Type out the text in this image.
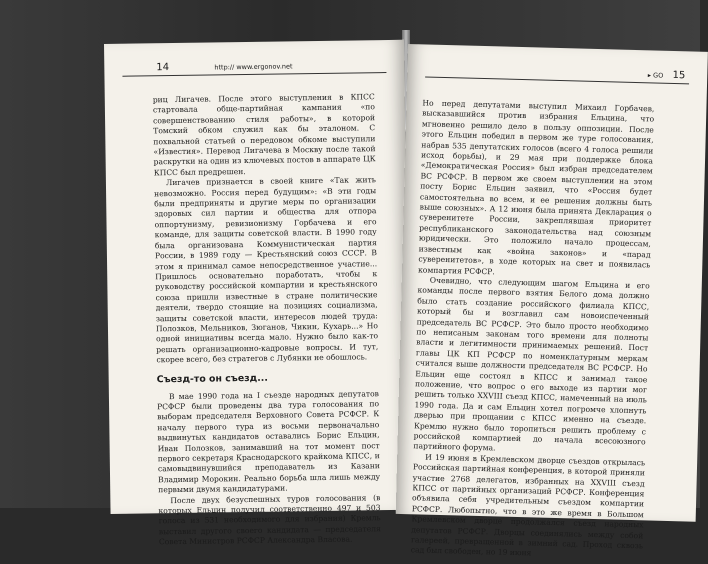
14	http:// www.ergonov.net

риц Лигачев. После этого выступления в КПСС стартовала обще-партийная кампания «по совершенствованию стиля работы», в которой Томский обком служил как бы эталоном. С похвальной статьей о передовом обкоме выступили «Известия». Перевод Лигачева в Москву после такой раскрутки на один из ключевых постов в аппарате ЦК КПСС был предрешен.

Лигачев признается в своей книге «Так жить невозможно. Россия перед будущим»: «В эти годы были предприняты и другие меры по организации здоровых сил партии и общества для отпора оппортунизму, ревизионизму Горбачева и его команде, для защиты советской власти. В 1990 году была организована Коммунистическая партия России, в 1989 году — Крестьянский союз СССР. В этом я принимал самое непосредственное участие... Пришлось основательно поработать, чтобы к руководству российской компартии и крестьянского союза пришли известные в стране политические деятели, твердо стоящие на позициях социализма, защиты советской власти, интересов людей труда: Полозков, Мельников, Зюганов, Чикин, Кухарь...» Но одной инициативы всегда мало. Нужно было как-то решать организационно-кадровые вопросы. И тут, скорее всего, без стратегов с Лубянки не обошлось.

Съезд-то он съезд...

В мае 1990 года на I съезде народных депутатов РСФСР были проведены два тура голосования по выборам председателя Верховного Совета РСФСР. К началу первого тура из восьми первоначально выдвинутых кандидатов оставались Борис Ельцин, Иван Полозков, занимавший на тот момент пост первого секретаря Краснодарского крайкома КПСС, и самовыдвинувшийся преподаватель из Казани Владимир Морокин. Реально борьба шла лишь между первыми двумя кандидатурами.

После двух безуспешных туров голосования (в которых Ельцин получил соответственно 497 и 503 голоса из 531 необходимого для избрания) Кремль выставил другого своего кандидата — председателя Совета Министров РСФСР Александра Власова.

▸ GO 15

Но перед депутатами выступил Михаил Горбачев, высказавшийся против избрания Ельцина, что мгновенно решило дело в пользу оппозиции. После этого Ельцин победил в первом же туре голосования, набрав 535 депутатских голосов (всего 4 голоса решили исход борьбы), и 29 мая при поддержке блока «Демократическая Россия» был избран председателем ВС РСФСР. В первом же своем выступлении на этом посту Борис Ельцин заявил, что «Россия будет самостоятельна во всем, и ее решения должны быть выше союзных». А 12 июня была принята Декларация о суверенитете России, закреплявшая приоритет республиканского законодательства над союзным юридически. Это положило начало процессам, известным как «война законов» и «парад суверенитетов», в ходе которых на свет и появилась компартия РСФСР.

Очевидно, что следующим шагом Ельцина и его команды после первого взятия Белого дома должно было стать создание российского филиала КПСС, который бы и возглавил сам новоиспеченный председатель ВС РСФСР. Это было просто необходимо по неписаным законам того времени для полноты власти и легитимности принимаемых решений. Пост главы ЦК КП РСФСР по номенклатурным меркам считался выше должности председателя ВС РСФСР. Но Ельцин еще состоял в КПСС и занимал такое положение, что вопрос о его выходе из партии мог решить только XXVIII съезд КПСС, намеченный на июль 1990 года. Да и сам Ельцин хотел погромче хлопнуть дверью при прощании с КПСС именно на съезде. Кремлю нужно было торопиться решить проблему с российской компартией до начала всесоюзного партийного форума.

И 19 июня в Кремлевском дворце съездов открылась Российская партийная конференция, в которой приняли участие 2768 делегатов, избранных на XXVIII съезд КПСС от партийных организаций РСФСР. Конференция объявила себя учредительным съездом компартии РСФСР. Любопытно, что в это же время в Большом Кремлевском дворце продолжался съезд народных депутатов РСФСР. Дворцы соединялись между собой галереей, превращенной в зимний сад. Проход сквозь сад был свободен, но 19 июня
